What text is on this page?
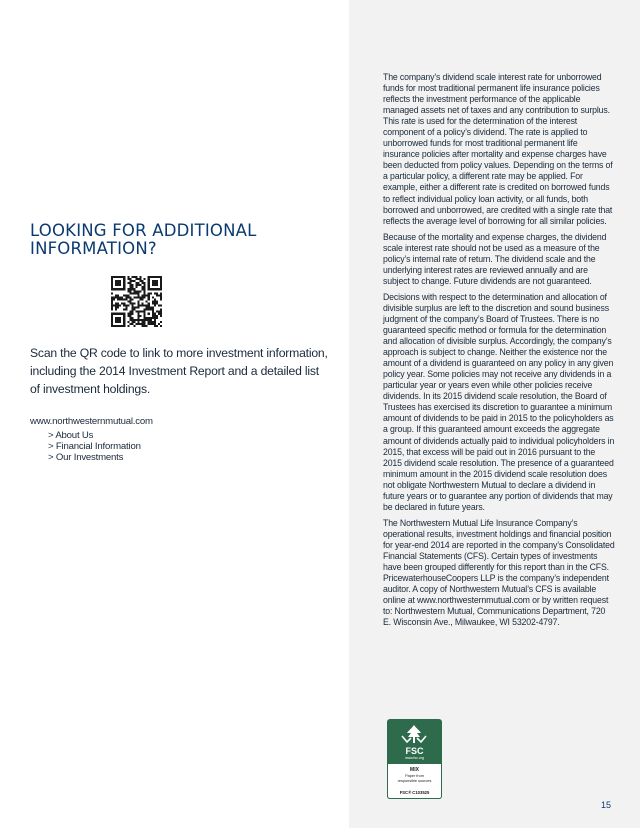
LOOKING FOR ADDITIONAL INFORMATION?

Scan the QR code to link to more investment information, including the 2014 Investment Report and a detailed list of investment holdings.

www.northwesternmutual.com
> About Us
> Financial Information
> Our Investments

The company’s dividend scale interest rate for unborrowed funds for most traditional permanent life insurance policies reflects the investment performance of the applicable managed assets net of taxes and any contribution to surplus. This rate is used for the determination of the interest component of a policy’s dividend. The rate is applied to unborrowed funds for most traditional permanent life insurance policies after mortality and expense charges have been deducted from policy values. Depending on the terms of a particular policy, a different rate may be applied. For example, either a different rate is credited on borrowed funds to reflect individual policy loan activity, or all funds, both borrowed and unborrowed, are credited with a single rate that reflects the average level of borrowing for all similar policies.

Because of the mortality and expense charges, the dividend scale interest rate should not be used as a measure of the policy’s internal rate of return. The dividend scale and the underlying interest rates are reviewed annually and are subject to change. Future dividends are not guaranteed.

Decisions with respect to the determination and allocation of divisible surplus are left to the discretion and sound business judgment of the company’s Board of Trustees. There is no guaranteed specific method or formula for the determination and allocation of divisible surplus. Accordingly, the company’s approach is subject to change. Neither the existence nor the amount of a dividend is guaranteed on any policy in any given policy year. Some policies may not receive any dividends in a particular year or years even while other policies receive dividends. In its 2015 dividend scale resolution, the Board of Trustees has exercised its discretion to guarantee a minimum amount of dividends to be paid in 2015 to the policyholders as a group. If this guaranteed amount exceeds the aggregate amount of dividends actually paid to individual policyholders in 2015, that excess will be paid out in 2016 pursuant to the 2015 dividend scale resolution. The presence of a guaranteed minimum amount in the 2015 dividend scale resolution does not obligate Northwestern Mutual to declare a dividend in future years or to guarantee any portion of dividends that may be declared in future years.

The Northwestern Mutual Life Insurance Company’s operational results, investment holdings and financial position for year-end 2014 are reported in the company’s Consolidated Financial Statements (CFS). Certain types of investments have been grouped differently for this report than in the CFS. PricewaterhouseCoopers LLP is the company’s independent auditor. A copy of Northwestern Mutual’s CFS is available online at www.northwesternmutual.com or by written request to: Northwestern Mutual, Communications Department, 720 E. Wisconsin Ave., Milwaukee, WI 53202-4797.

FSC
www.fsc.org
MIX
Paper from
responsible sources
FSC® C103525
15
